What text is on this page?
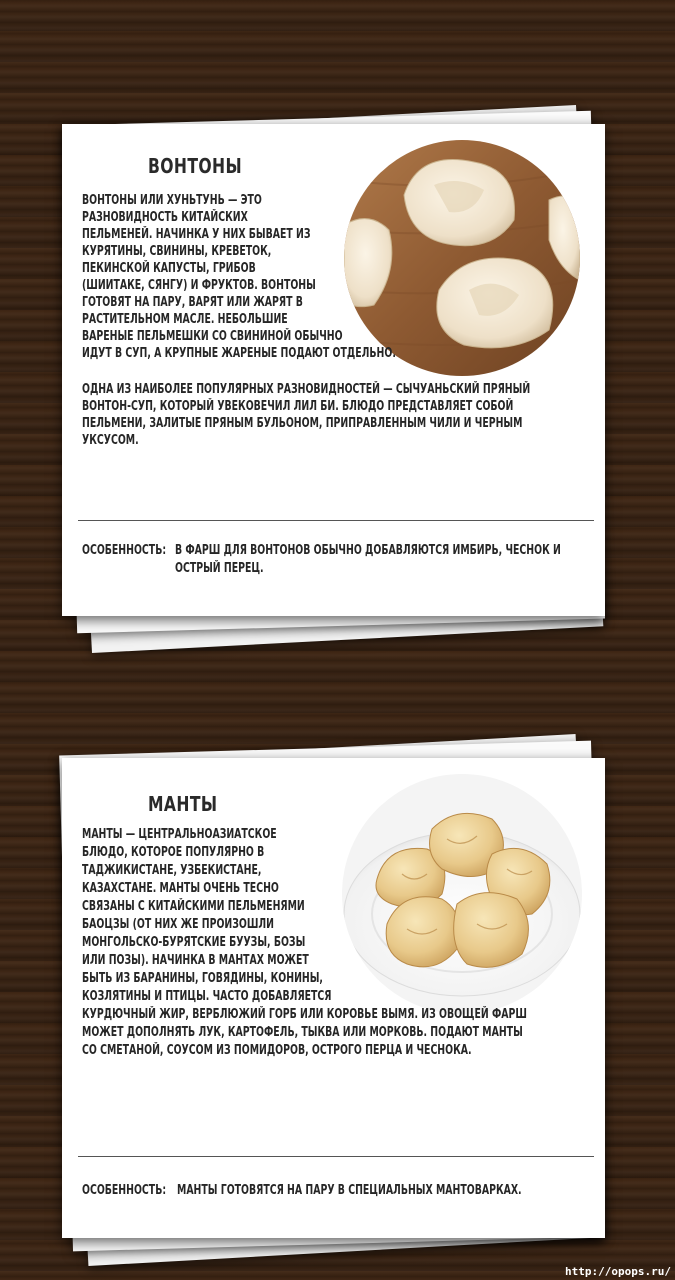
ВОНТОНЫ
ВОНТОНЫ ИЛИ ХУНЬТУНЬ — ЭТО
РАЗНОВИДНОСТЬ КИТАЙСКИХ
ПЕЛЬМЕНЕЙ. НАЧИНКА У НИХ БЫВАЕТ ИЗ
КУРЯТИНЫ, СВИНИНЫ, КРЕВЕТОК,
ПЕКИНСКОЙ КАПУСТЫ, ГРИБОВ
(ШИИТАКЕ, СЯНГУ) И ФРУКТОВ. ВОНТОНЫ
ГОТОВЯТ НА ПАРУ, ВАРЯТ ИЛИ ЖАРЯТ В
РАСТИТЕЛЬНОМ МАСЛЕ. НЕБОЛЬШИЕ
ВАРЕНЫЕ ПЕЛЬМЕШКИ СО СВИНИНОЙ ОБЫЧНО
ИДУТ В СУП, А КРУПНЫЕ ЖАРЕНЫЕ ПОДАЮТ ОТДЕЛЬНО.
ОДНА ИЗ НАИБОЛЕЕ ПОПУЛЯРНЫХ РАЗНОВИДНОСТЕЙ — СЫЧУАНЬСКИЙ ПРЯНЫЙ
ВОНТОН-СУП, КОТОРЫЙ УВЕКОВЕЧИЛ ЛИЛ БИ. БЛЮДО ПРЕДСТАВЛЯЕТ СОБОЙ
ПЕЛЬМЕНИ, ЗАЛИТЫЕ ПРЯНЫМ БУЛЬОНОМ, ПРИПРАВЛЕННЫМ ЧИЛИ И ЧЕРНЫМ
УКСУСОМ.
ОСОБЕННОСТЬ: В ФАРШ ДЛЯ ВОНТОНОВ ОБЫЧНО ДОБАВЛЯЮТСЯ ИМБИРЬ, ЧЕСНОК И
ОСТРЫЙ ПЕРЕЦ.
МАНТЫ
МАНТЫ — ЦЕНТРАЛЬНОАЗИАТСКОЕ
БЛЮДО, КОТОРОЕ ПОПУЛЯРНО В
ТАДЖИКИСТАНЕ, УЗБЕКИСТАНЕ,
КАЗАХСТАНЕ. МАНТЫ ОЧЕНЬ ТЕСНО
СВЯЗАНЫ С КИТАЙСКИМИ ПЕЛЬМЕНЯМИ
БАОЦЗЫ (ОТ НИХ ЖЕ ПРОИЗОШЛИ
МОНГОЛЬСКО-БУРЯТСКИЕ БУУЗЫ, БОЗЫ
ИЛИ ПОЗЫ). НАЧИНКА В МАНТАХ МОЖЕТ
БЫТЬ ИЗ БАРАНИНЫ, ГОВЯДИНЫ, КОНИНЫ,
КОЗЛЯТИНЫ И ПТИЦЫ. ЧАСТО ДОБАВЛЯЕТСЯ
КУРДЮЧНЫЙ ЖИР, ВЕРБЛЮЖИЙ ГОРБ ИЛИ КОРОВЬЕ ВЫМЯ. ИЗ ОВОЩЕЙ ФАРШ
МОЖЕТ ДОПОЛНЯТЬ ЛУК, КАРТОФЕЛЬ, ТЫКВА ИЛИ МОРКОВЬ. ПОДАЮТ МАНТЫ
СО СМЕТАНОЙ, СОУСОМ ИЗ ПОМИДОРОВ, ОСТРОГО ПЕРЦА И ЧЕСНОКА.
ОСОБЕННОСТЬ: МАНТЫ ГОТОВЯТСЯ НА ПАРУ В СПЕЦИАЛЬНЫХ МАНТОВАРКАХ.
http://opops.ru/
